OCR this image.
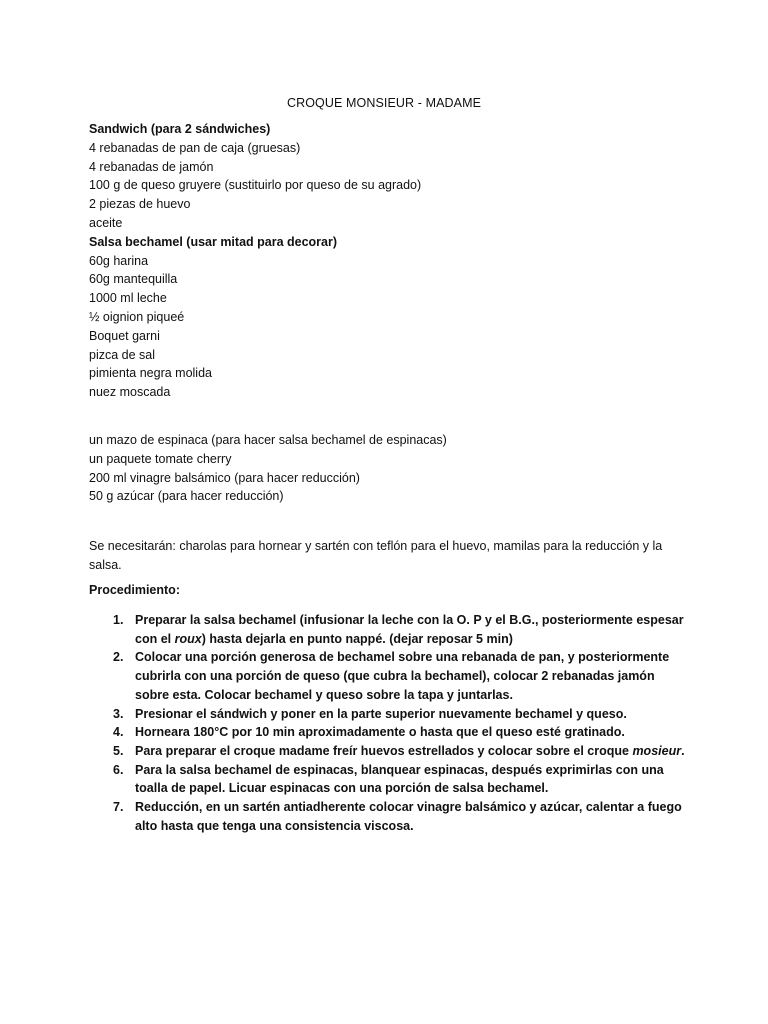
CROQUE MONSIEUR - MADAME
Sandwich (para 2 sándwiches)
4 rebanadas de pan de caja (gruesas)
4 rebanadas de jamón
100 g de queso gruyere (sustituirlo por queso de su agrado)
2 piezas de huevo
aceite
Salsa bechamel (usar mitad para decorar)
60g harina
60g mantequilla
1000 ml leche
½ oignion piqueé
Boquet garni
pizca de sal
pimienta negra molida
nuez moscada
un mazo de espinaca (para hacer salsa bechamel de espinacas)
un paquete tomate cherry
200 ml vinagre balsámico (para hacer reducción)
50 g azúcar (para hacer reducción)
Se necesitarán: charolas para hornear y sartén con teflón para el huevo, mamilas para la reducción y la salsa.
Procedimiento:
1. Preparar la salsa bechamel (infusionar la leche con la O. P y el B.G., posteriormente espesar con el roux) hasta dejarla en punto nappé. (dejar reposar 5 min)
2. Colocar una porción generosa de bechamel sobre una rebanada de pan, y posteriormente cubrirla con una porción de queso (que cubra la bechamel), colocar 2 rebanadas jamón sobre esta. Colocar bechamel y queso sobre la tapa y juntarlas.
3. Presionar el sándwich y poner en la parte superior nuevamente bechamel y queso.
4. Horneara 180°C por 10 min aproximadamente o hasta que el queso esté gratinado.
5. Para preparar el croque madame freír huevos estrellados y colocar sobre el croque mosieur.
6. Para la salsa bechamel de espinacas, blanquear espinacas, después exprimirlas con una toalla de papel. Licuar espinacas con una porción de salsa bechamel.
7. Reducción, en un sartén antiadherente colocar vinagre balsámico y azúcar, calentar a fuego alto hasta que tenga una consistencia viscosa.
